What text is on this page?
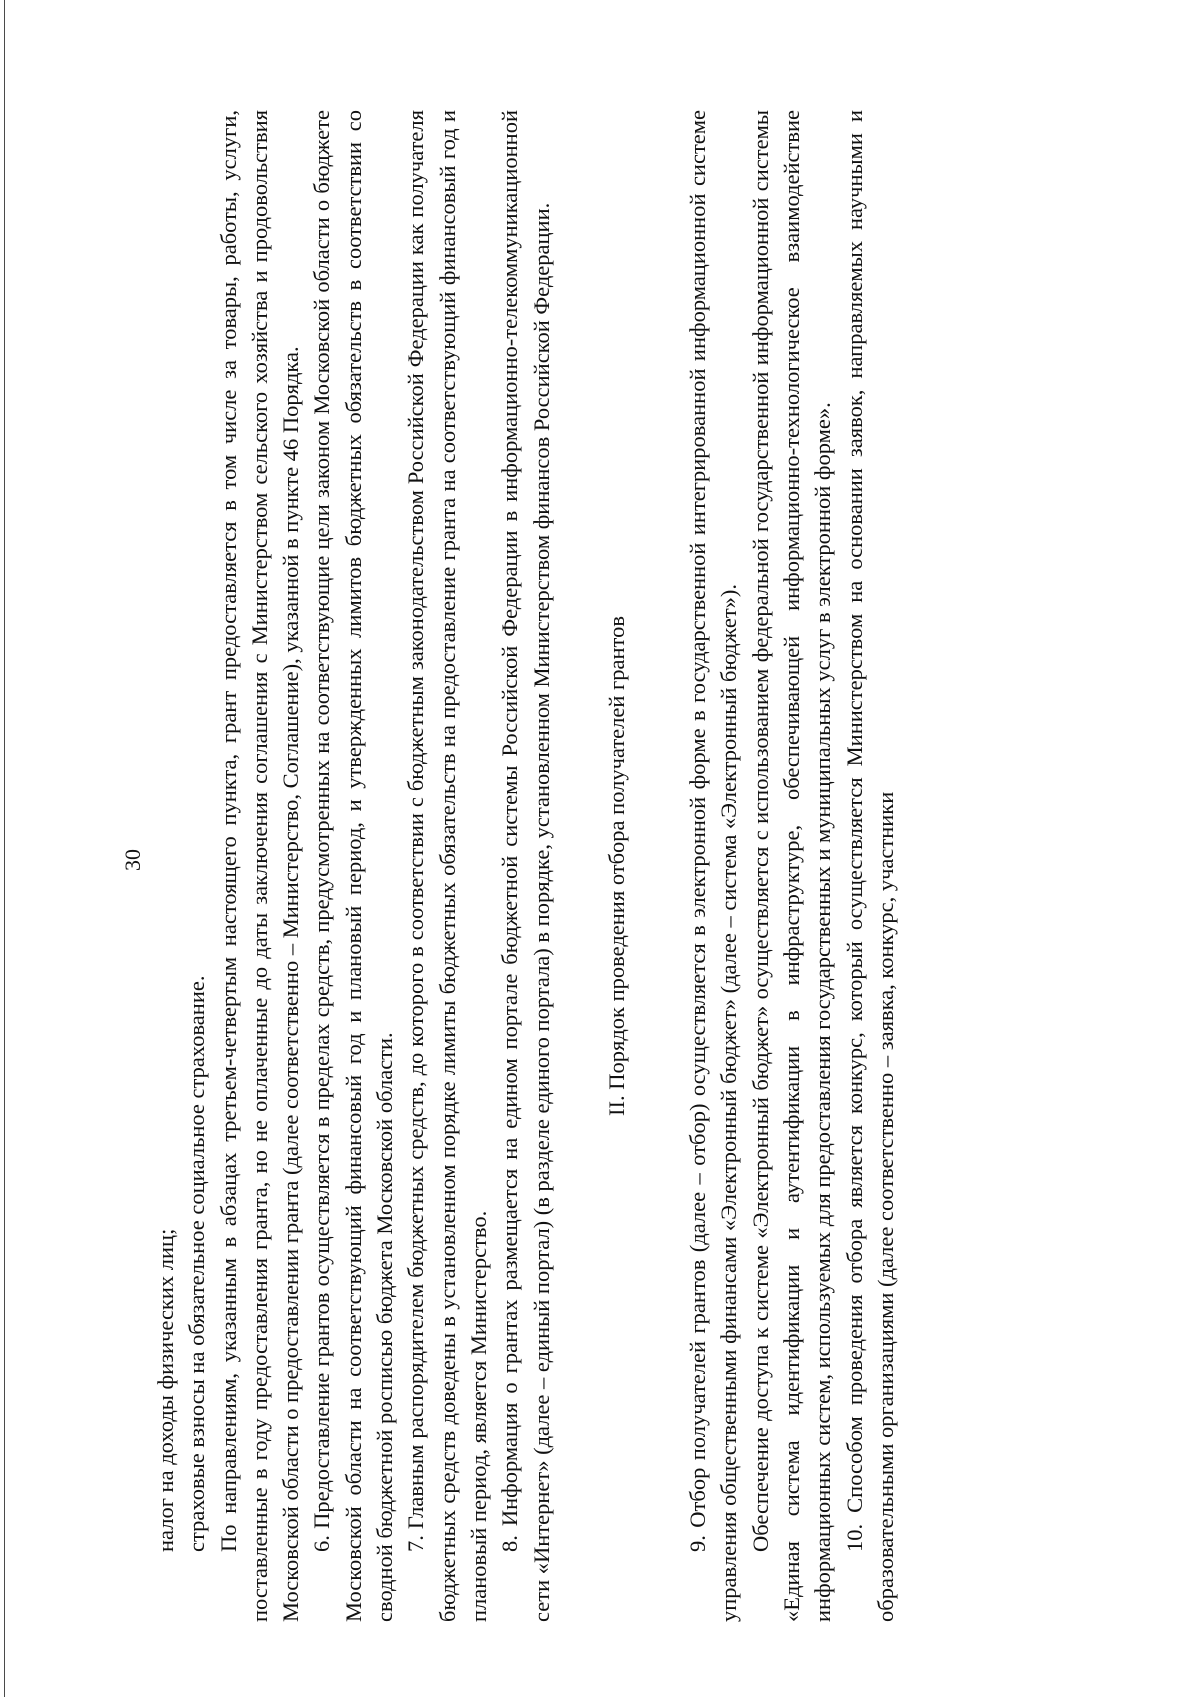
30

налог на доходы физических лиц; страховые взносы на обязательное социальное страхование. По направлениям, указанным в абзацах третьем-четвертым настоящего пункта, грант предоставляется в том числе за товары, работы, услуги, поставленные в году предоставления гранта, но не оплаченные до даты заключения соглашения с Министерством сельского хозяйства и продовольствия Московской области о предоставлении гранта (далее соответственно – Министерство, Соглашение), указанной в пункте 46 Порядка. 6. Предоставление грантов осуществляется в пределах средств, предусмотренных на соответствующие цели законом Московской области о бюджете Московской области на соответствующий финансовый год и плановый период, и утвержденных лимитов бюджетных обязательств в соответствии со сводной бюджетной росписью бюджета Московской области. 7. Главным распорядителем бюджетных средств, до которого в соответствии с бюджетным законодательством Российской Федерации как получателя бюджетных средств доведены в установленном порядке лимиты бюджетных обязательств на предоставление гранта на соответствующий финансовый год и плановый период, является Министерство. 8. Информация о грантах размещается на едином портале бюджетной системы Российской Федерации в информационно-телекоммуникационной сети «Интернет» (далее – единый портал) (в разделе единого портала) в порядке, установленном Министерством финансов Российской Федерации. II. Порядок проведения отбора получателей грантов	9. Отбор получателей грантов (далее – отбор) осуществляется в электронной форме в государственной интегрированной информационной системе управления общественными финансами «Электронный бюджет» (далее – система «Электронный бюджет»). Обеспечение доступа к системе «Электронный бюджет» осуществляется с использованием федеральной государственной информационной системы «Единая система идентификации и аутентификации в инфраструктуре, обеспечивающей информационно-технологическое взаимодействие информационных систем, используемых для предоставления государственных и муниципальных услуг в электронной форме». 10. Способом проведения отбора является конкурс, который осуществляется Министерством на основании заявок, направляемых научными и образовательными организациями (далее соответственно – заявка, конкурс, участники
